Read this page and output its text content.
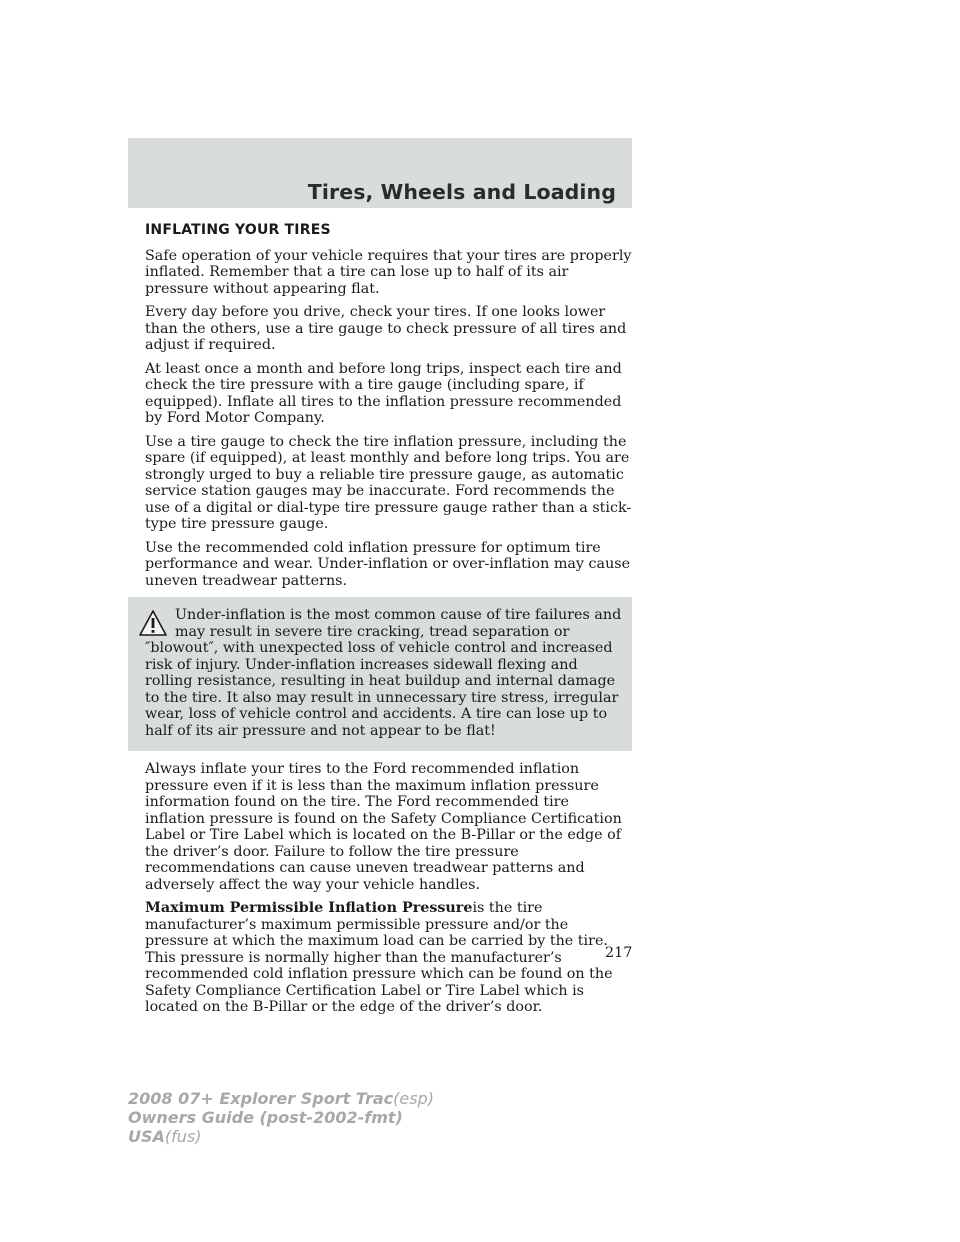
Tires, Wheels and Loading
INFLATING YOUR TIRES

Safe operation of your vehicle requires that your tires are properly inflated. Remember that a tire can lose up to half of its air pressure without appearing flat.

Every day before you drive, check your tires. If one looks lower than the others, use a tire gauge to check pressure of all tires and adjust if required.

At least once a month and before long trips, inspect each tire and check the tire pressure with a tire gauge (including spare, if equipped). Inflate all tires to the inflation pressure recommended by Ford Motor Company.

Use a tire gauge to check the tire inflation pressure, including the spare (if equipped), at least monthly and before long trips. You are strongly urged to buy a reliable tire pressure gauge, as automatic service station gauges may be inaccurate. Ford recommends the use of a digital or dial-type tire pressure gauge rather than a stick-type tire pressure gauge.

Use the recommended cold inflation pressure for optimum tire performance and wear. Under-inflation or over-inflation may cause uneven treadwear patterns.

Under-inflation is the most common cause of tire failures and may result in severe tire cracking, tread separation or ″blowout″, with unexpected loss of vehicle control and increased risk of injury. Under-inflation increases sidewall flexing and rolling resistance, resulting in heat buildup and internal damage to the tire. It also may result in unnecessary tire stress, irregular wear, loss of vehicle control and accidents. A tire can lose up to half of its air pressure and not appear to be flat!

Always inflate your tires to the Ford recommended inflation pressure even if it is less than the maximum inflation pressure information found on the tire. The Ford recommended tire inflation pressure is found on the Safety Compliance Certification Label or Tire Label which is located on the B-Pillar or the edge of the driver’s door. Failure to follow the tire pressure recommendations can cause uneven treadwear patterns and adversely affect the way your vehicle handles.

Maximum Permissible Inflation Pressureis the tire manufacturer’s maximum permissible pressure and/or the pressure at which the maximum load can be carried by the tire. This pressure is normally higher than the manufacturer’s recommended cold inflation pressure which can be found on the Safety Compliance Certification Label or Tire Label which is located on the B-Pillar or the edge of the driver’s door.

217
2008 07+ Explorer Sport Trac(esp)
Owners Guide (post-2002-fmt)
USA(fus)
